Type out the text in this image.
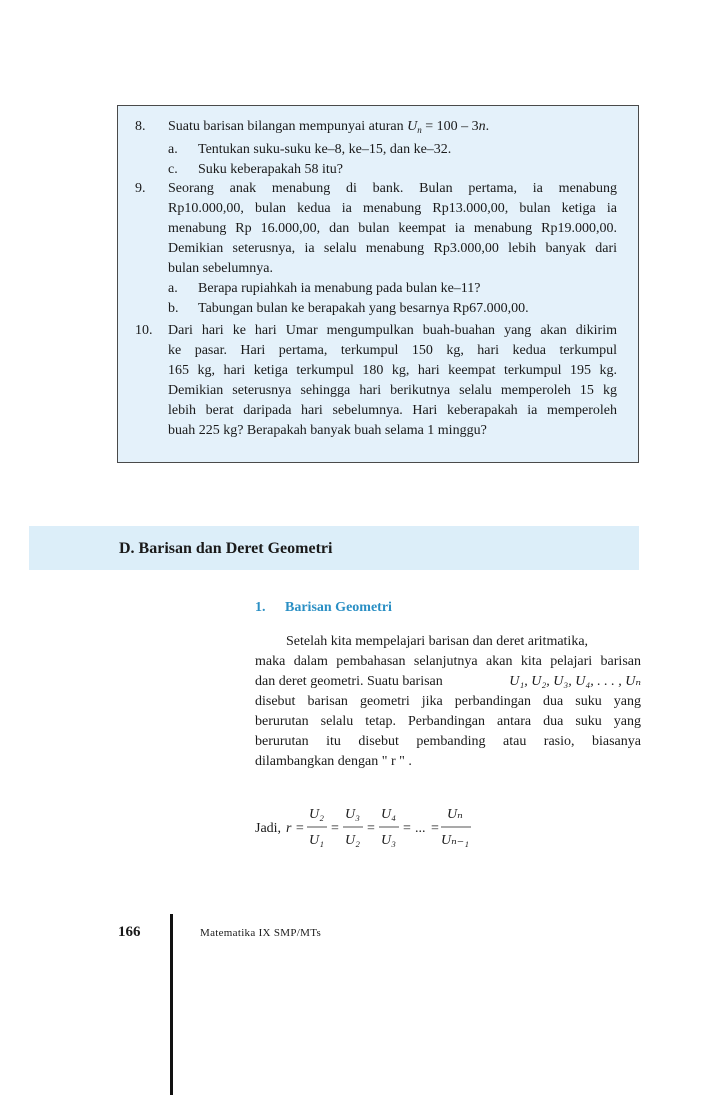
8. Suatu barisan bilangan mempunyai aturan $U_n = 100 - 3n$.
a. Tentukan suku-suku ke–8, ke–15, dan ke–32.
c. Suku keberapakah 58 itu?
9. Seorang anak menabung di bank. Bulan pertama, ia menabung
Rp10.000,00, bulan kedua ia menabung Rp13.000,00, bulan ketiga ia
menabung Rp 16.000,00, dan bulan keempat ia menabung Rp19.000,00.
Demikian seterusnya, ia selalu menabung Rp3.000,00 lebih banyak dari
bulan sebelumnya.
a. Berapa rupiahkah ia menabung pada bulan ke–11?
b. Tabungan bulan ke berapakah yang besarnya Rp67.000,00.
10. Dari hari ke hari Umar mengumpulkan buah-buahan yang akan dikirim
ke pasar. Hari pertama, terkumpul 150 kg, hari kedua terkumpul
165 kg, hari ketiga terkumpul 180 kg, hari keempat terkumpul 195 kg.
Demikian seterusnya sehingga hari berikutnya selalu memperoleh 15 kg
lebih berat daripada hari sebelumnya. Hari keberapakah ia memperoleh
buah 225 kg? Berapakah banyak buah selama 1 minggu?
D. Barisan dan Deret Geometri
1. Barisan Geometri
Setelah kita mempelajari barisan dan deret aritmatika,
maka dalam pembahasan selanjutnya akan kita pelajari barisan
dan deret geometri. Suatu barisan	U₁, U₂, U₃, U₄, . . . , Uₙ
disebut barisan geometri jika perbandingan dua suku yang
berurutan selalu tetap. Perbandingan antara dua suku yang
berurutan itu disebut pembanding atau rasio, biasanya
dilambangkan dengan " r " .
Jadi, r =
U₂
U₁
=
U₃
U₂
=
U₄
U₃
= ... =
Uₙ
Uₙ₋₁
166	Matematika IX SMP/MTs
